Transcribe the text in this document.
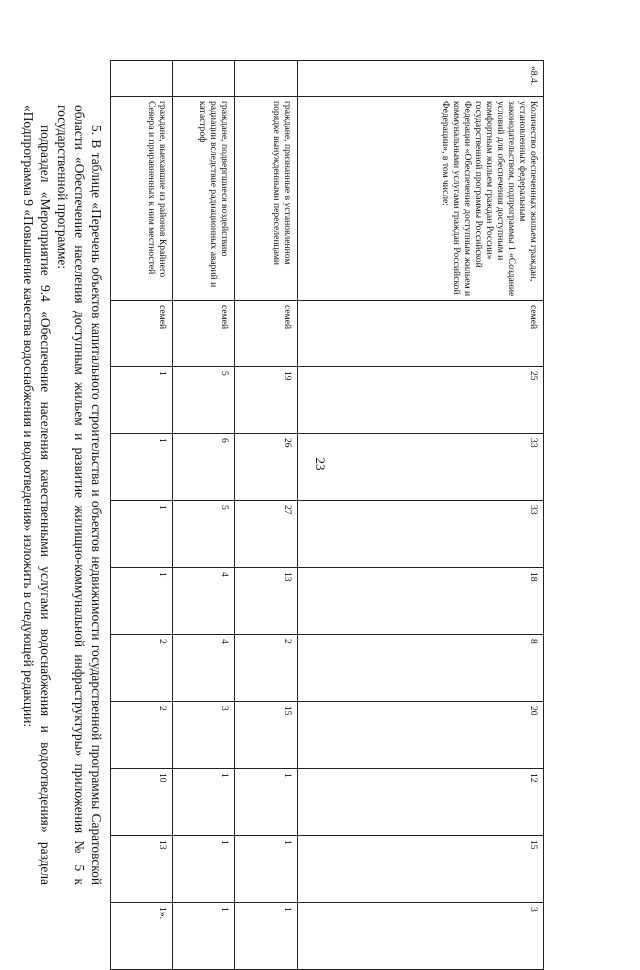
23
«8.4.	Количество обеспеченных жильем граждан, установленных федеральным законодательством, подпрограммы 1 «Создание условий для обеспечения доступным и комфортным жильем граждан России» государственной программы Российской Федерации «Обеспечение доступным жильем и коммунальными услугами граждан Российской Федерации», в том числе:	семей	25	33	33	18	8	20	12	15	3
	граждане, признанные в установленном порядке вынужденными переселенцами	семей	19	26	27	13	2	15	1	1	1
	граждане, подвергшиеся воздействию радиации вследствие радиационных аварий и катастроф	семей	5	6	5	4	4	3	1	1	1
	граждане, выехавшие из районов Крайнего Севера и приравненных к ним местностей	семей	1	1	1	1	2	2	10	13	1».

5. В таблице «Перечень объектов капитального строительства и объектов недвижимости государственной программы Саратовской области «Обеспечение населения доступным жильем и развитие жилищно-коммунальной инфраструктуры» приложения № 5 к государственной программе:

подраздел «Мероприятие 9.4 «Обеспечение населения качественными услугами водоснабжения и водоотведения» раздела «Подпрограмма 9 «Повышение качества водоснабжения и водоотведения» изложить в следующей редакции:
